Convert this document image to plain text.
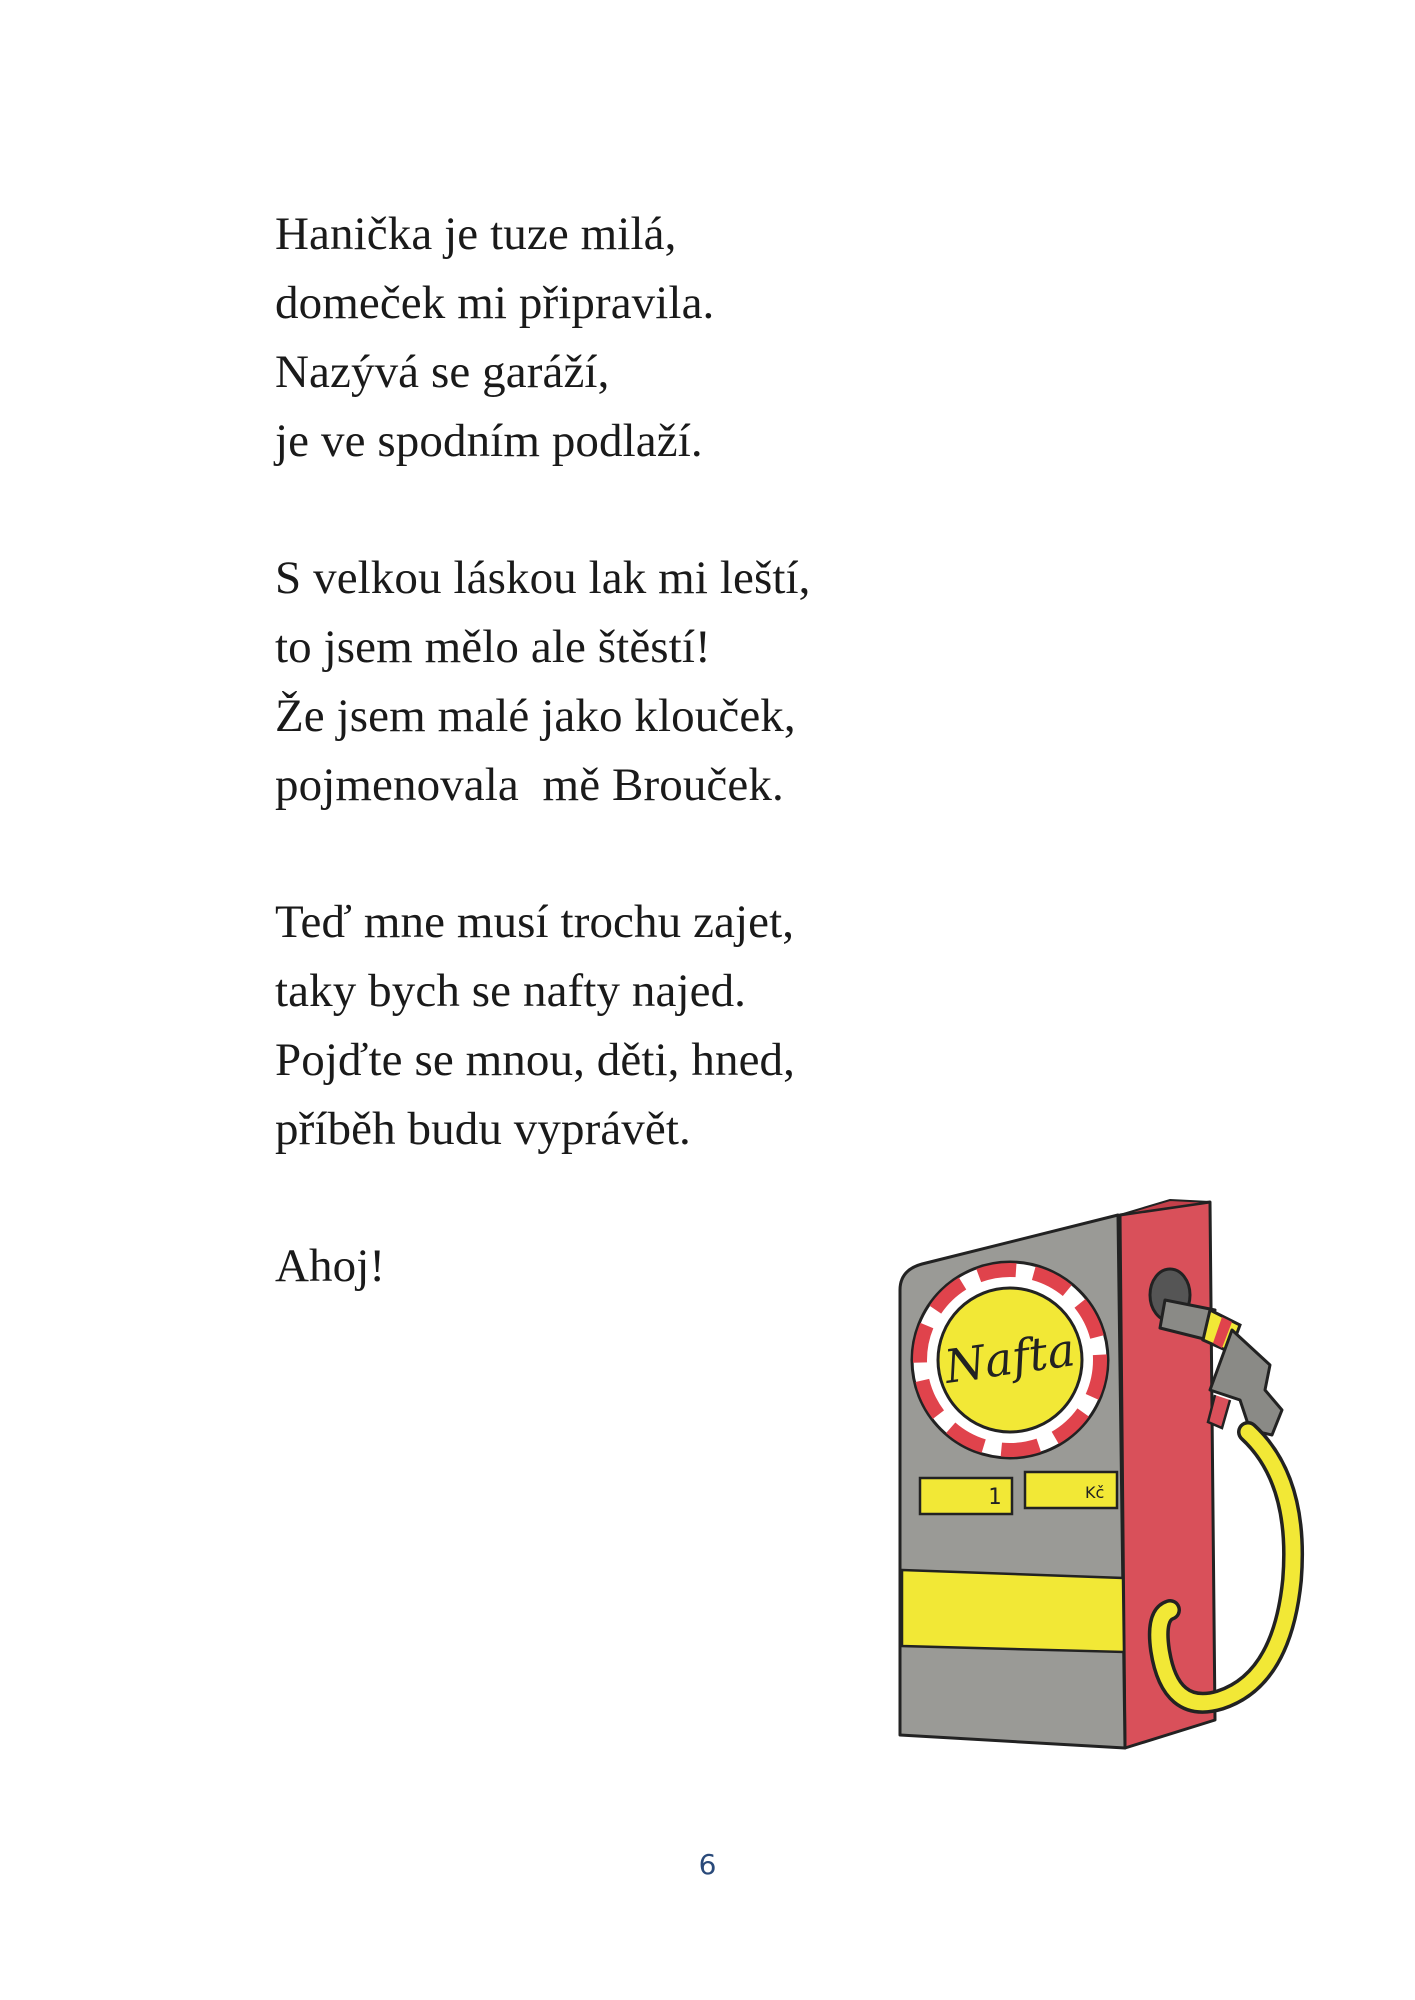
Hanička je tuze milá,
domeček mi připravila.
Nazývá se garáží,
je ve spodním podlaží.
S velkou láskou lak mi leští,
to jsem mělo ale štěstí!
Že jsem malé jako klouček,
pojmenovala  mě Brouček.
Teď mne musí trochu zajet,
taky bych se nafty najed.
Pojďte se mnou, děti, hned,
příběh budu vyprávět.
Ahoj!
1	Kč
Nafta
6
